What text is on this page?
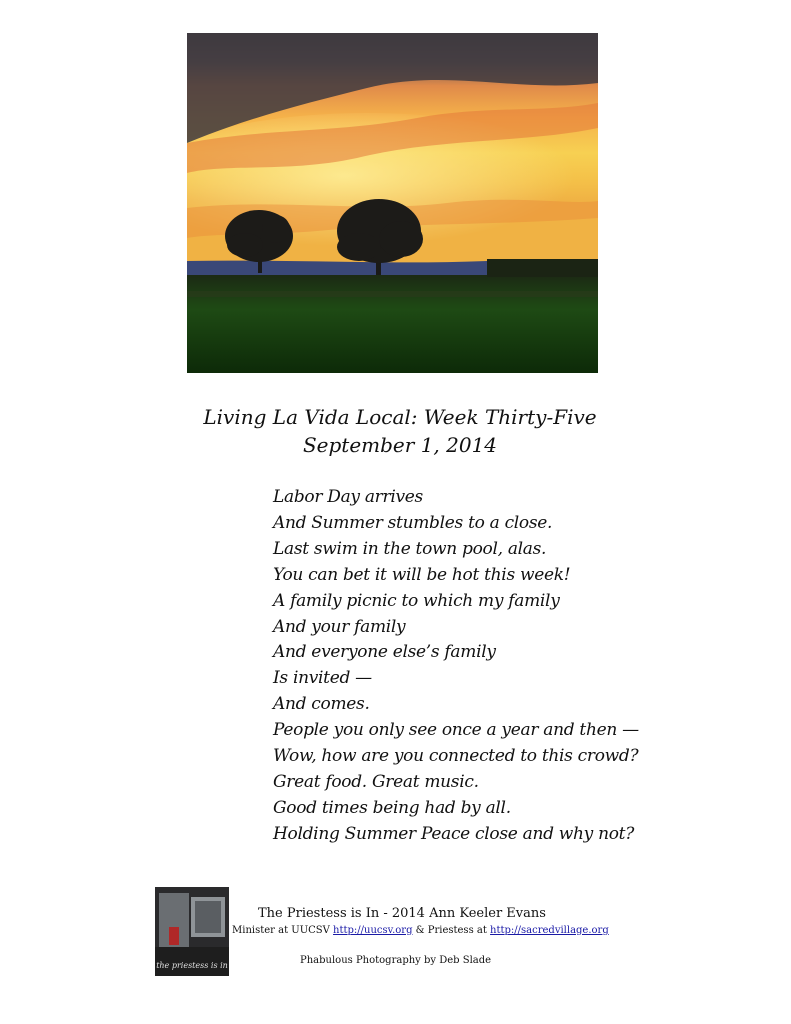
Living La Vida Local: Week Thirty-Five
September 1, 2014
Labor Day arrives
And Summer stumbles to a close.
Last swim in the town pool, alas.
You can bet it will be hot this week!
A family picnic to which my family
And your family
And everyone else’s family
Is invited —
And comes.
People you only see once a year and then —
Wow, how are you connected to this crowd?
Great food. Great music.
Good times being had by all.
Holding Summer Peace close and why not?
the priestess is in
The Priestess is In - 2014 Ann Keeler Evans
Minister at UUCSV http://uucsv.org & Priestess at http://sacredvillage.org
Phabulous Photography by Deb Slade
